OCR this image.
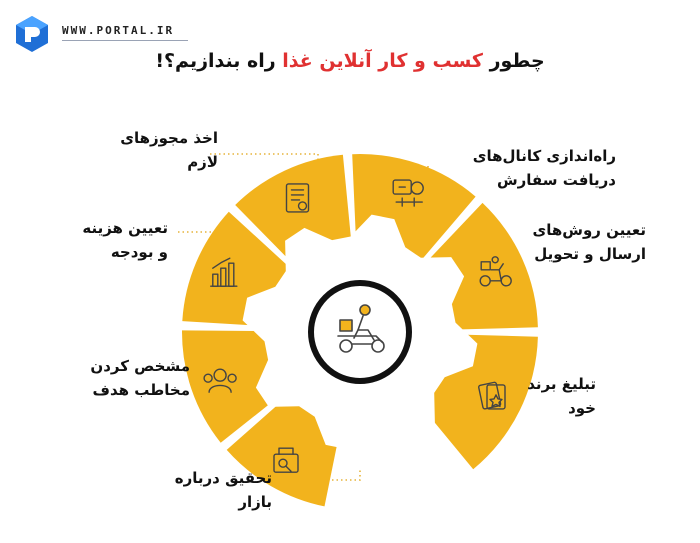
WWW.PORTAL.IR
چطور کسب و کار آنلاین غذا راه بندازیم؟!
اخذ مجوزهای
لازم
تعیین هزینه
و بودجه
مشخص کردن
مخاطب هدف
تحقیق درباره
بازار
راه‌اندازی کانال‌های
دریافت سفارش
تعیین روش‌های
ارسال و تحویل
تبلیغ برند
خود
